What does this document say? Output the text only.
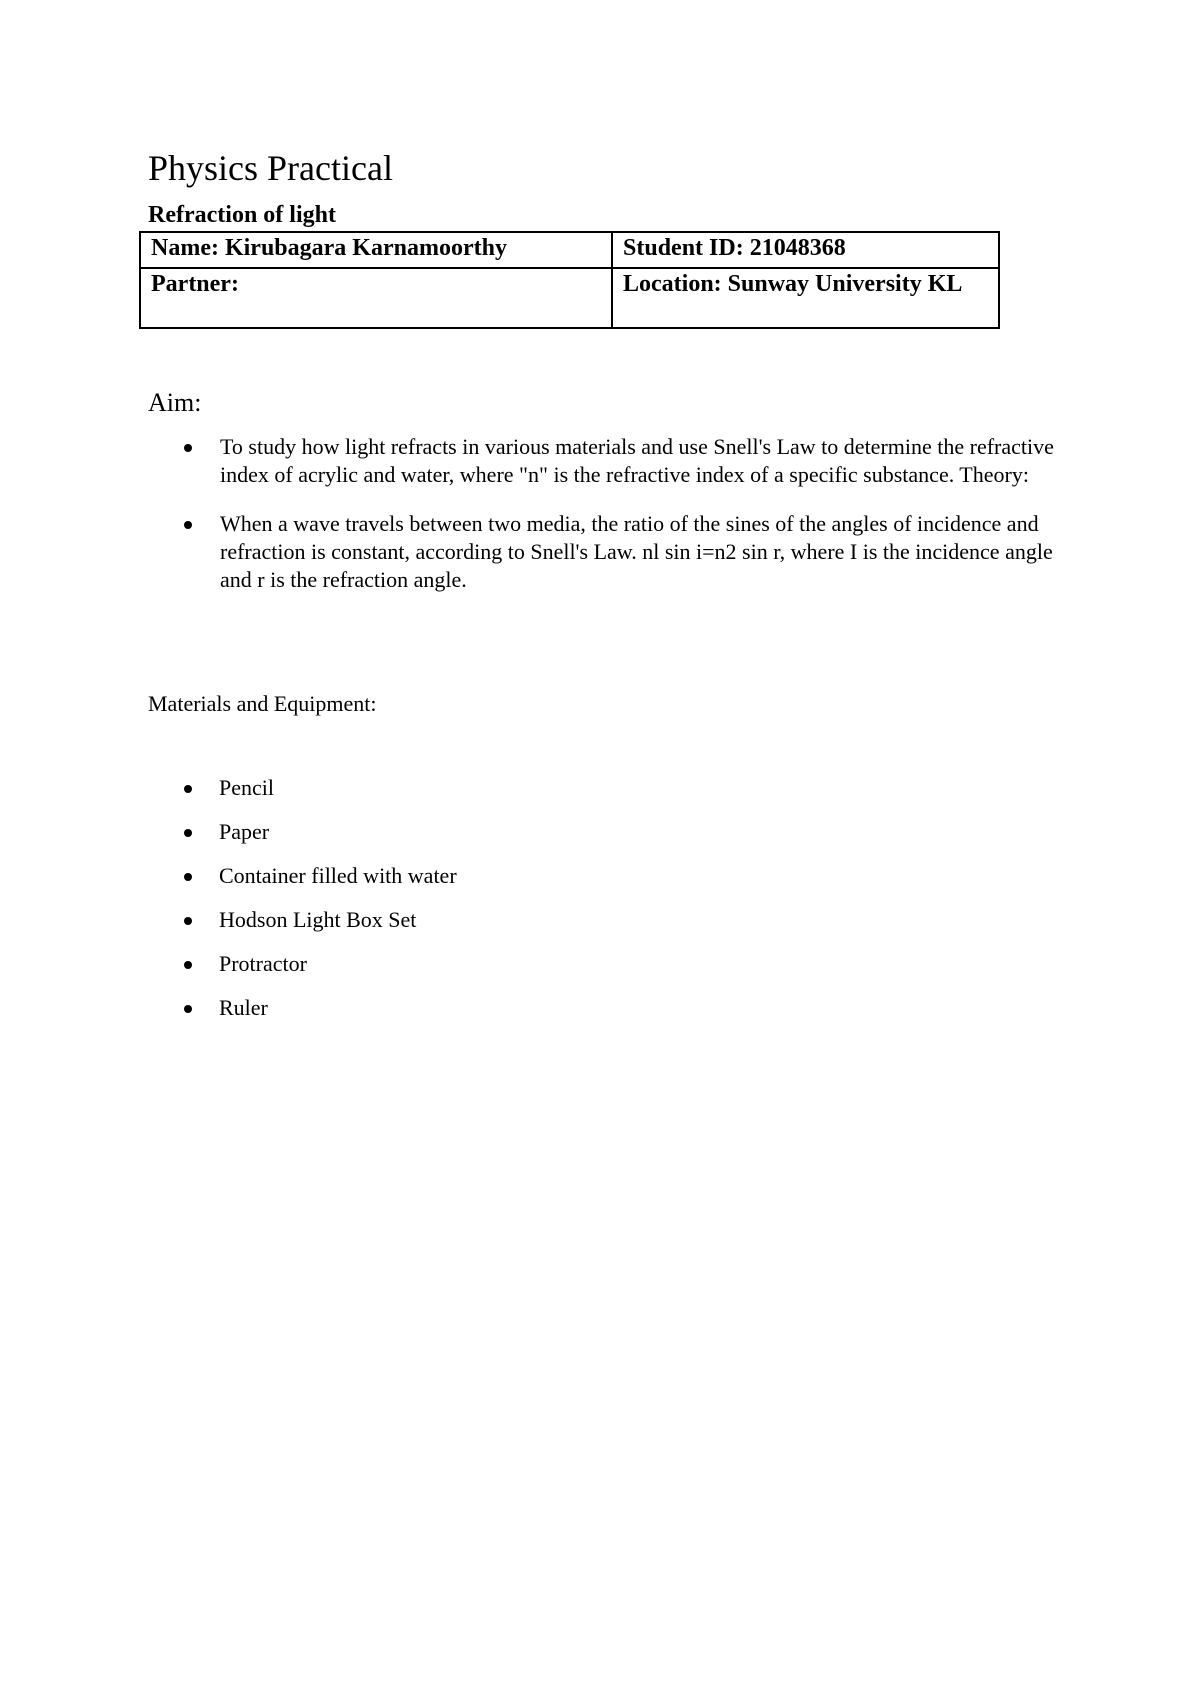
Physics Practical
Refraction of light
Name: Kirubagara Karnamoorthy	Student ID: 21048368
Partner:	Location: Sunway University KL
Aim:
To study how light refracts in various materials and use Snell's Law to determine the refractive index of acrylic and water, where "n" is the refractive index of a specific substance. Theory:
When a wave travels between two media, the ratio of the sines of the angles of incidence and refraction is constant, according to Snell's Law. nl sin i=n2 sin r, where I is the incidence angle and r is the refraction angle.

Materials and Equipment:

Pencil
Paper
Container filled with water
Hodson Light Box Set
Protractor
Ruler
